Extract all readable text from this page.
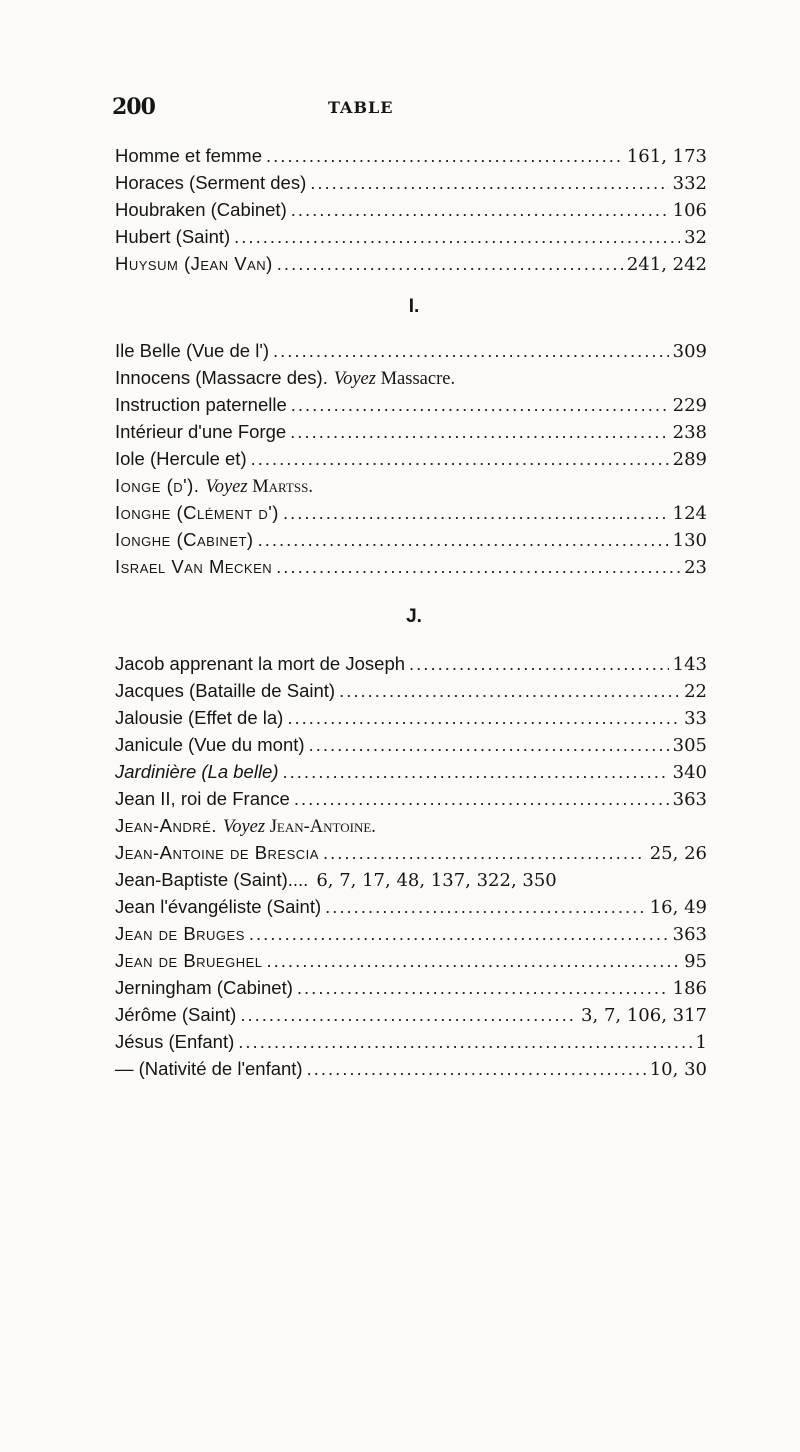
200	TABLE
Homme et femme .....	161, 173
Horaces (Serment des) .....	332
Houbraken (Cabinet) .....	106
Hubert (Saint) .....	32
Huysum (Jean Van) .....	241, 242
I.
Ile Belle (Vue de l') .....	309
Innocens (Massacre des). Voyez Massacre.
Instruction paternelle .....	229
Intérieur d'une Forge .....	238
Iole (Hercule et) .....	289
Ionge (d'). Voyez Martss.
Ionghe (Clément d') .....	124
Ionghe (Cabinet) .....	130
Israel Van Mecken .....	23
J.
Jacob apprenant la mort de Joseph .....	143
Jacques (Bataille de Saint) .....	22
Jalousie (Effet de la) .....	33
Janicule (Vue du mont) .....	305
Jardinière (La belle) .....	340
Jean II, roi de France .....	363
Jean-André. Voyez Jean-Antoine.
Jean-Antoine de Brescia .....	25, 26
Jean-Baptiste (Saint).... 6, 7, 17, 48, 137, 322, 350
Jean l'évangéliste (Saint) .....	16, 49
Jean de Bruges .....	363
Jean de Brueghel .....	95
Jerningham (Cabinet) .....	186
Jérôme (Saint) .....	3, 7, 106, 317
Jésus (Enfant) .....	1
— (Nativité de l'enfant) .....	10, 30
